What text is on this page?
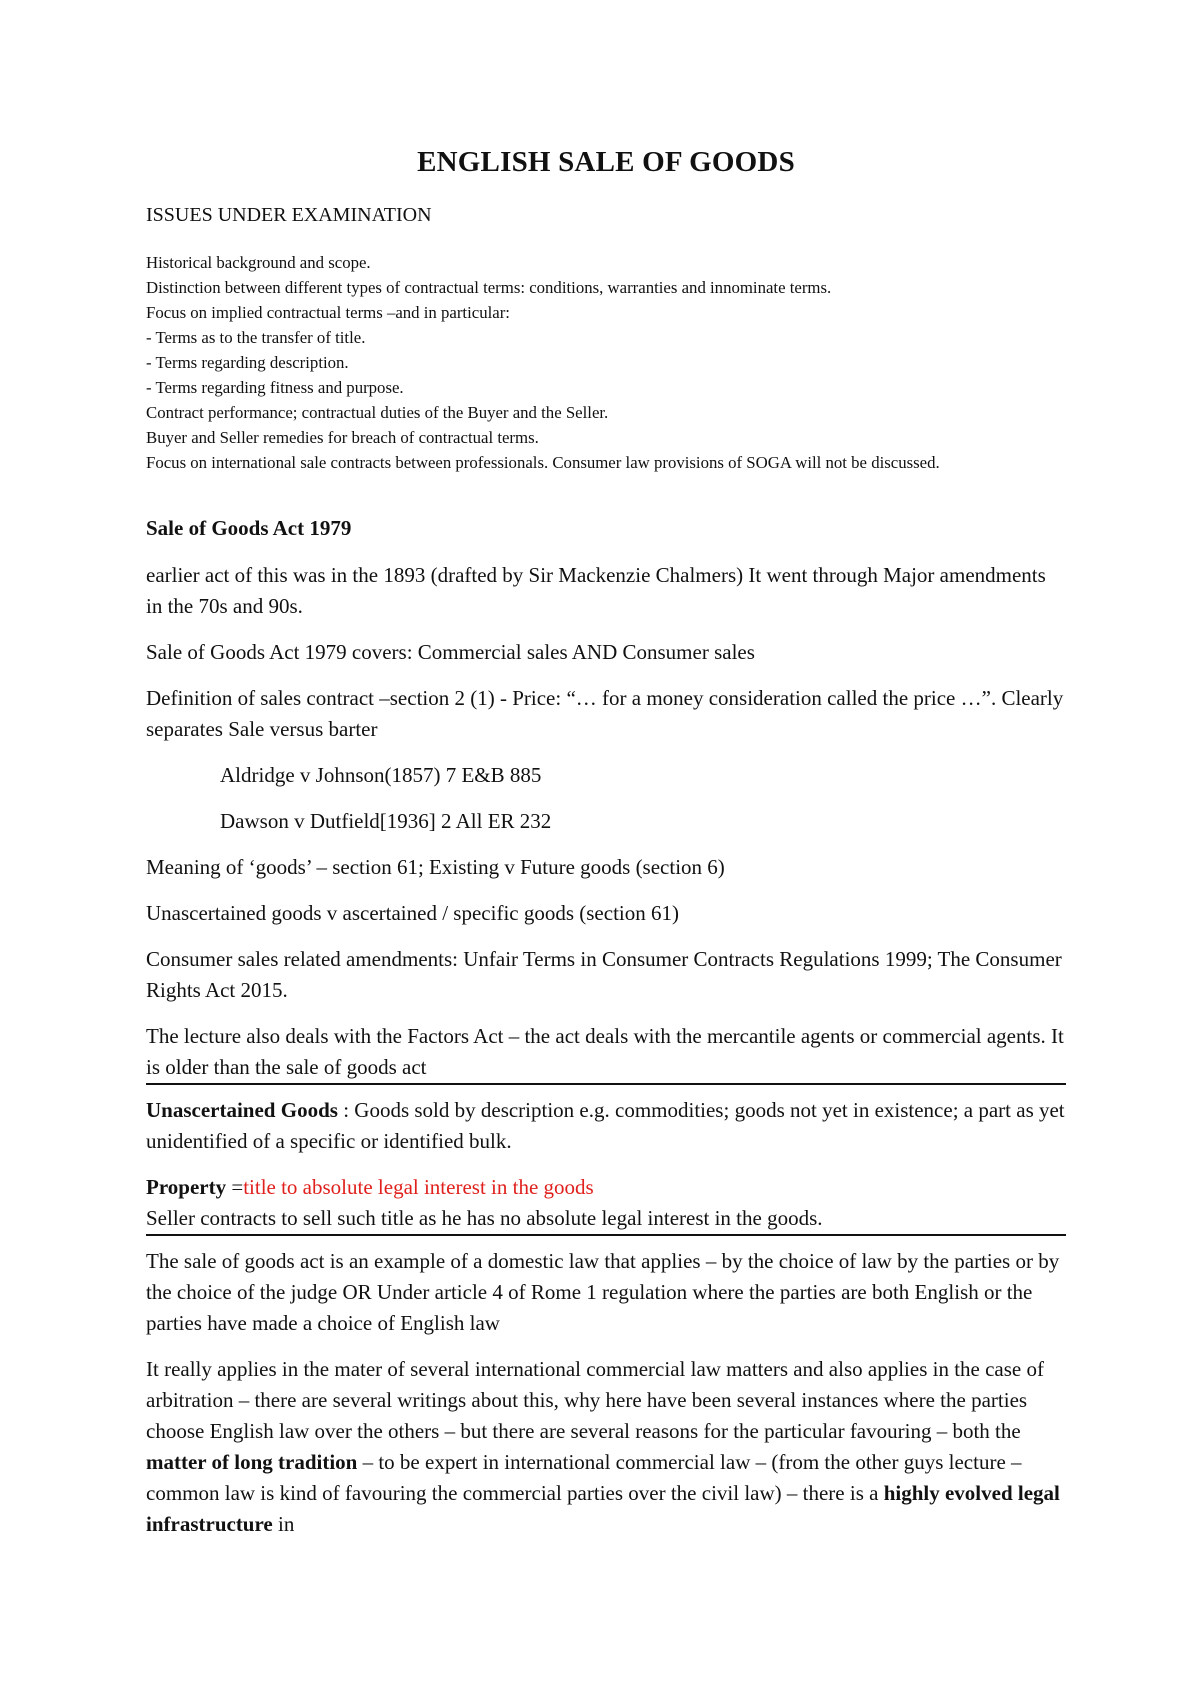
ENGLISH SALE OF GOODS
ISSUES UNDER EXAMINATION
Historical background and scope.
Distinction between different types of contractual terms: conditions, warranties and innominate terms.
Focus on implied contractual terms –and in particular:
- Terms as to the transfer of title.
- Terms regarding description.
- Terms regarding fitness and purpose.
Contract performance; contractual duties of the Buyer and the Seller.
Buyer and Seller remedies for breach of contractual terms.
Focus on international sale contracts between professionals. Consumer law provisions of SOGA will not be discussed.
Sale of Goods Act 1979

earlier act of this was in the 1893 (drafted by Sir Mackenzie Chalmers) It went through Major amendments in the 70s and 90s.

Sale of Goods Act 1979 covers: Commercial sales AND Consumer sales

Definition of sales contract –section 2 (1) - Price: “… for a money consideration called the price …”. Clearly separates Sale versus barter

Aldridge v Johnson(1857) 7 E&B 885

Dawson v Dutfield[1936] 2 All ER 232

Meaning of ‘goods’ – section 61; Existing v Future goods (section 6)

Unascertained goods v ascertained / specific goods (section 61)

Consumer sales related amendments: Unfair Terms in Consumer Contracts Regulations 1999; The Consumer Rights Act 2015.

The lecture also deals with the Factors Act – the act deals with the mercantile agents or commercial agents. It is older than the sale of goods act

Unascertained Goods : Goods sold by description e.g. commodities; goods not yet in existence; a part as yet unidentified of a specific or identified bulk.

Property =title to absolute legal interest in the goods
Seller contracts to sell such title as he has no absolute legal interest in the goods.

The sale of goods act is an example of a domestic law that applies – by the choice of law by the parties or by the choice of the judge OR Under article 4 of Rome 1 regulation where the parties are both English or the parties have made a choice of English law

It really applies in the mater of several international commercial law matters and also applies in the case of arbitration – there are several writings about this, why here have been several instances where the parties choose English law over the others – but there are several reasons for the particular favouring – both the matter of long tradition – to be expert in international commercial law – (from the other guys lecture – common law is kind of favouring the commercial parties over the civil law) – there is a highly evolved legal infrastructure in
